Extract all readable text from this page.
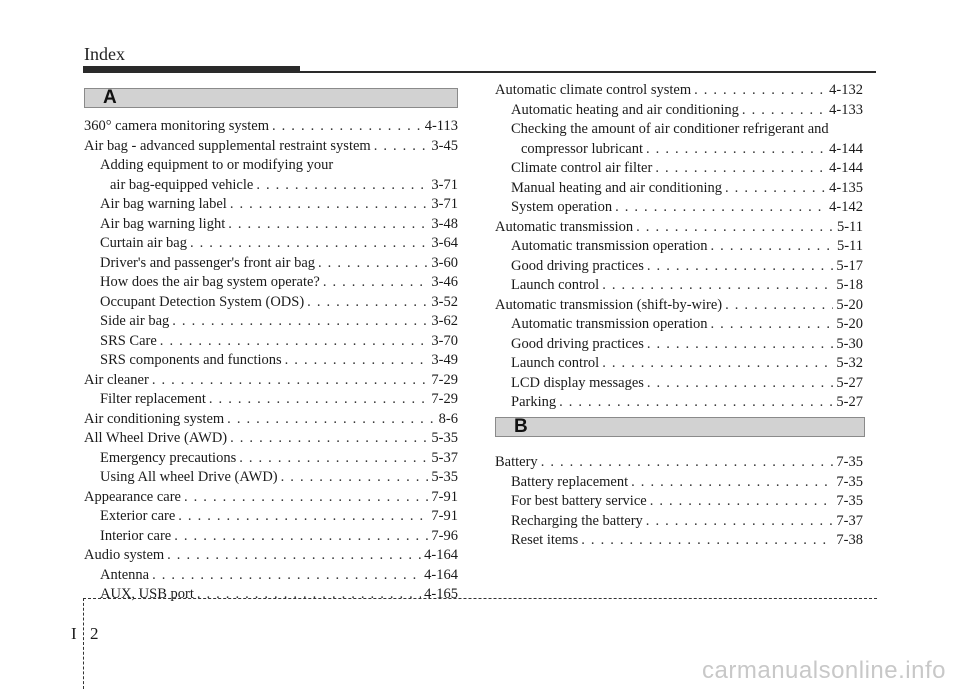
Index
A
360° camera monitoring system . . .	4-113
Air bag - advanced supplemental restraint system . . .	3-45
Adding equipment to or modifying your
air bag-equipped vehicle . . .	3-71
Air bag warning label . . .	3-71
Air bag warning light . . .	3-48
Curtain air bag . . .	3-64
Driver's and passenger's front air bag . . .	3-60
How does the air bag system operate? . . .	3-46
Occupant Detection System (ODS) . . .	3-52
Side air bag . . .	3-62
SRS Care . . .	3-70
SRS components and functions . . .	3-49
Air cleaner . . .	7-29
Filter replacement . . .	7-29
Air conditioning system . . .	8-6
All Wheel Drive (AWD) . . .	5-35
Emergency precautions . . .	5-37
Using All wheel Drive (AWD) . . .	5-35
Appearance care . . .	7-91
Exterior care . . .	7-91
Interior care . . .	7-96
Audio system . . .	4-164
Antenna . . .	4-164
AUX, USB port . . .	4-165
Automatic climate control system . . .	4-132
Automatic heating and air conditioning . . .	4-133
Checking the amount of air conditioner refrigerant and
compressor lubricant . . .	4-144
Climate control air filter . . .	4-144
Manual heating and air conditioning . . .	4-135
System operation . . .	4-142
Automatic transmission . . .	5-11
Automatic transmission operation . . .	5-11
Good driving practices . . .	5-17
Launch control . . .	5-18
Automatic transmission (shift-by-wire) . . .	5-20
Automatic transmission operation . . .	5-20
Good driving practices . . .	5-30
Launch control . . .	5-32
LCD display messages . . .	5-27
Parking . . .	5-27
B
Battery . . .	7-35
Battery replacement . . .	7-35
For best battery service . . .	7-35
Recharging the battery . . .	7-37
Reset items . . .	7-38
I 2
carmanualsonline.info
